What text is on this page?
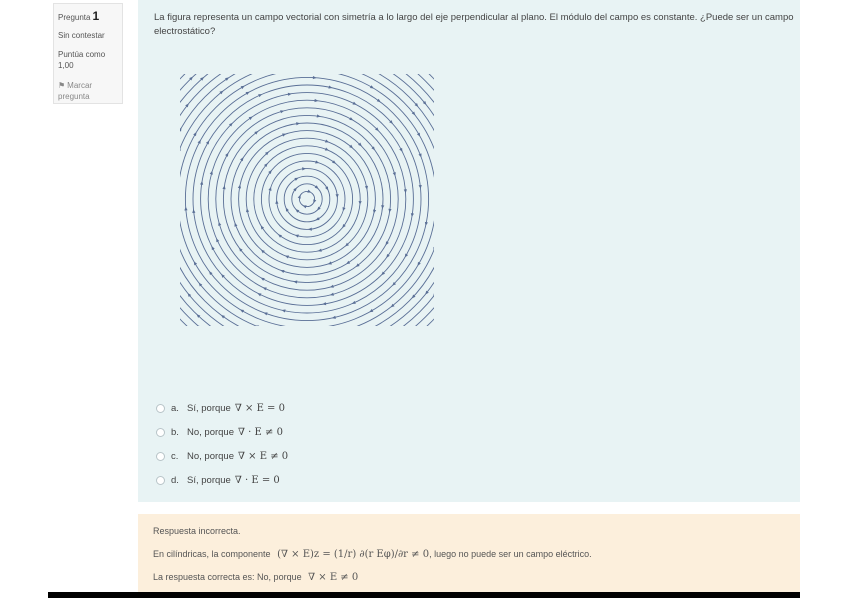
Pregunta 1
Sin contestar
Puntúa como
1,00
⚑ Marcar pregunta
La figura representa un campo vectorial con simetría a lo largo del eje perpendicular al plano. El módulo del campo es constante. ¿Puede ser un campo electrostático?
a. Sí, porque ∇ × E = 0
b. No, porque ∇ · E ≠ 0
c. No, porque ∇ × E ≠ 0
d. Sí, porque ∇ · E = 0
Respuesta incorrecta.
En cilíndricas, la componente (∇ × E)z = (1/r) ∂(r Eφ)/∂r ≠ 0, luego no puede ser un campo eléctrico.
La respuesta correcta es: No, porque ∇ × E ≠ 0
